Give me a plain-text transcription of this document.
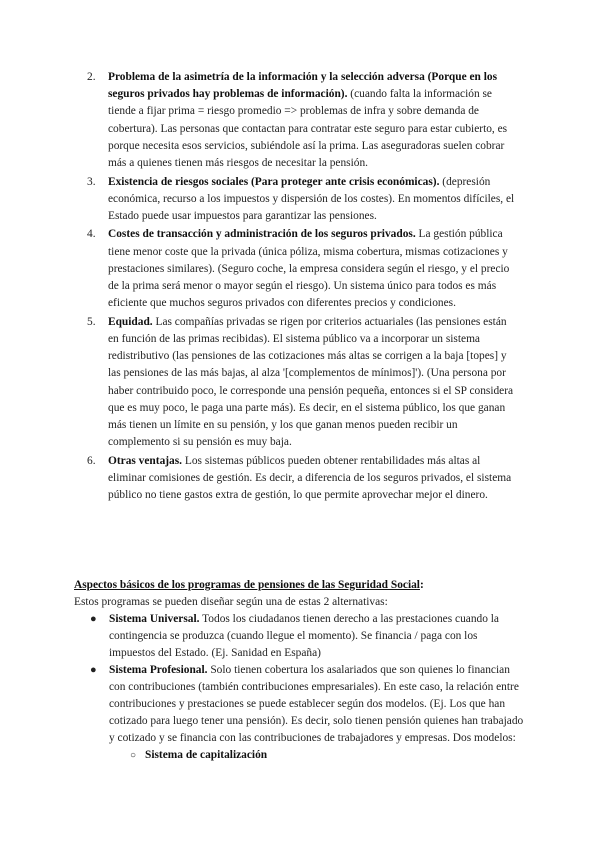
2. Problema de la asimetría de la información y la selección adversa (Porque en los seguros privados hay problemas de información). (cuando falta la información se tiende a fijar prima = riesgo promedio => problemas de infra y sobre demanda de cobertura). Las personas que contactan para contratar este seguro para estar cubierto, es porque necesita esos servicios, subiéndole así la prima. Las aseguradoras suelen cobrar más a quienes tienen más riesgos de necesitar la pensión.
3. Existencia de riesgos sociales (Para proteger ante crisis económicas). (depresión económica, recurso a los impuestos y dispersión de los costes). En momentos difíciles, el Estado puede usar impuestos para garantizar las pensiones.
4. Costes de transacción y administración de los seguros privados. La gestión pública tiene menor coste que la privada (única póliza, misma cobertura, mismas cotizaciones y prestaciones similares). (Seguro coche, la empresa considera según el riesgo, y el precio de la prima será menor o mayor según el riesgo). Un sistema único para todos es más eficiente que muchos seguros privados con diferentes precios y condiciones.
5. Equidad. Las compañías privadas se rigen por criterios actuariales (las pensiones están en función de las primas recibidas). El sistema público va a incorporar un sistema redistributivo (las pensiones de las cotizaciones más altas se corrigen a la baja [topes] y las pensiones de las más bajas, al alza '[complementos de mínimos]'). (Una persona por haber contribuido poco, le corresponde una pensión pequeña, entonces si el SP considera que es muy poco, le paga una parte más). Es decir, en el sistema público, los que ganan más tienen un límite en su pensión, y los que ganan menos pueden recibir un complemento si su pensión es muy baja.
6. Otras ventajas. Los sistemas públicos pueden obtener rentabilidades más altas al eliminar comisiones de gestión. Es decir, a diferencia de los seguros privados, el sistema público no tiene gastos extra de gestión, lo que permite aprovechar mejor el dinero.
Aspectos básicos de los programas de pensiones de las Seguridad Social:
Estos programas se pueden diseñar según una de estas 2 alternativas:
● Sistema Universal. Todos los ciudadanos tienen derecho a las prestaciones cuando la contingencia se produzca (cuando llegue el momento). Se financia / paga con los impuestos del Estado. (Ej. Sanidad en España)
● Sistema Profesional. Solo tienen cobertura los asalariados que son quienes lo financian con contribuciones (también contribuciones empresariales). En este caso, la relación entre contribuciones y prestaciones se puede establecer según dos modelos. (Ej. Los que han cotizado para luego tener una pensión). Es decir, solo tienen pensión quienes han trabajado y cotizado y se financia con las contribuciones de trabajadores y empresas. Dos modelos:
○ Sistema de capitalización
